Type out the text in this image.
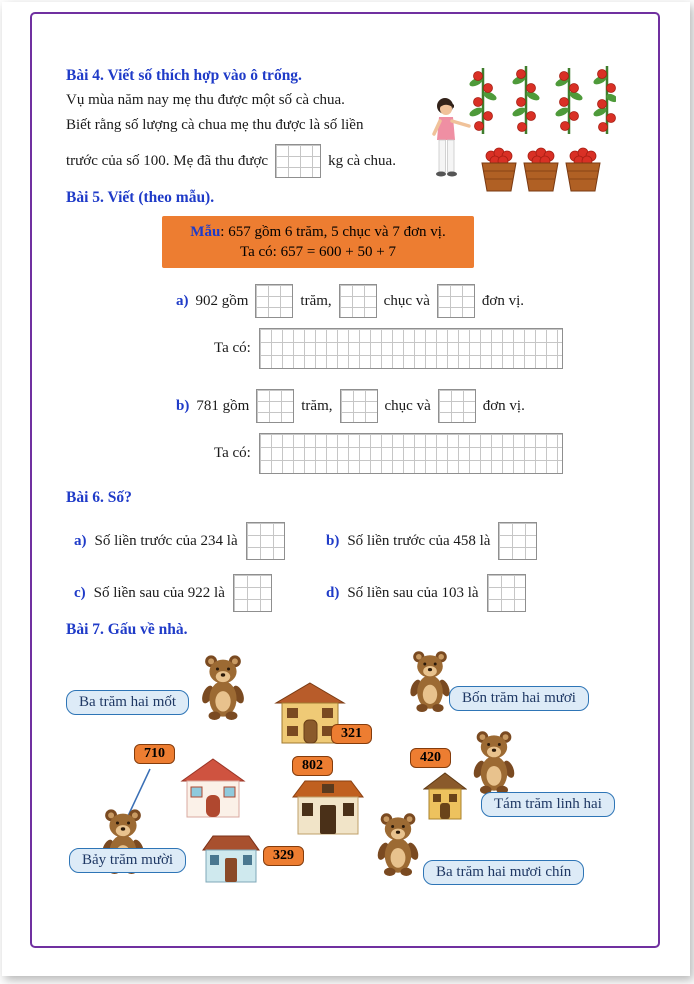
Bài 4. Viết số thích hợp vào ô trống.

Vụ mùa năm nay mẹ thu được một số cà chua.

Biết rằng số lượng cà chua mẹ thu được là số liền

trước của số 100. Mẹ đã thu được	kg cà chua.
Bài 5. Viết (theo mẫu).
Mẫu: 657 gồm 6 trăm, 5 chục và 7 đơn vị.
Ta có: 657 = 600 + 50 + 7
a) 902 gồm	trăm,	chục và	đơn vị.
Ta có:
b) 781 gồm	trăm,	chục và	đơn vị.
Ta có:
Bài 6. Số?
a) Số liền trước của 234 là	b) Số liền trước của 458 là
c) Số liền sau của 922 là	d) Số liền sau của 103 là
Bài 7. Gấu về nhà.
Ba trăm hai mốt	Bốn trăm hai mươi
Tám trăm linh hai
Bảy trăm mười
Ba trăm hai mươi chín
321
710
802
420
329
